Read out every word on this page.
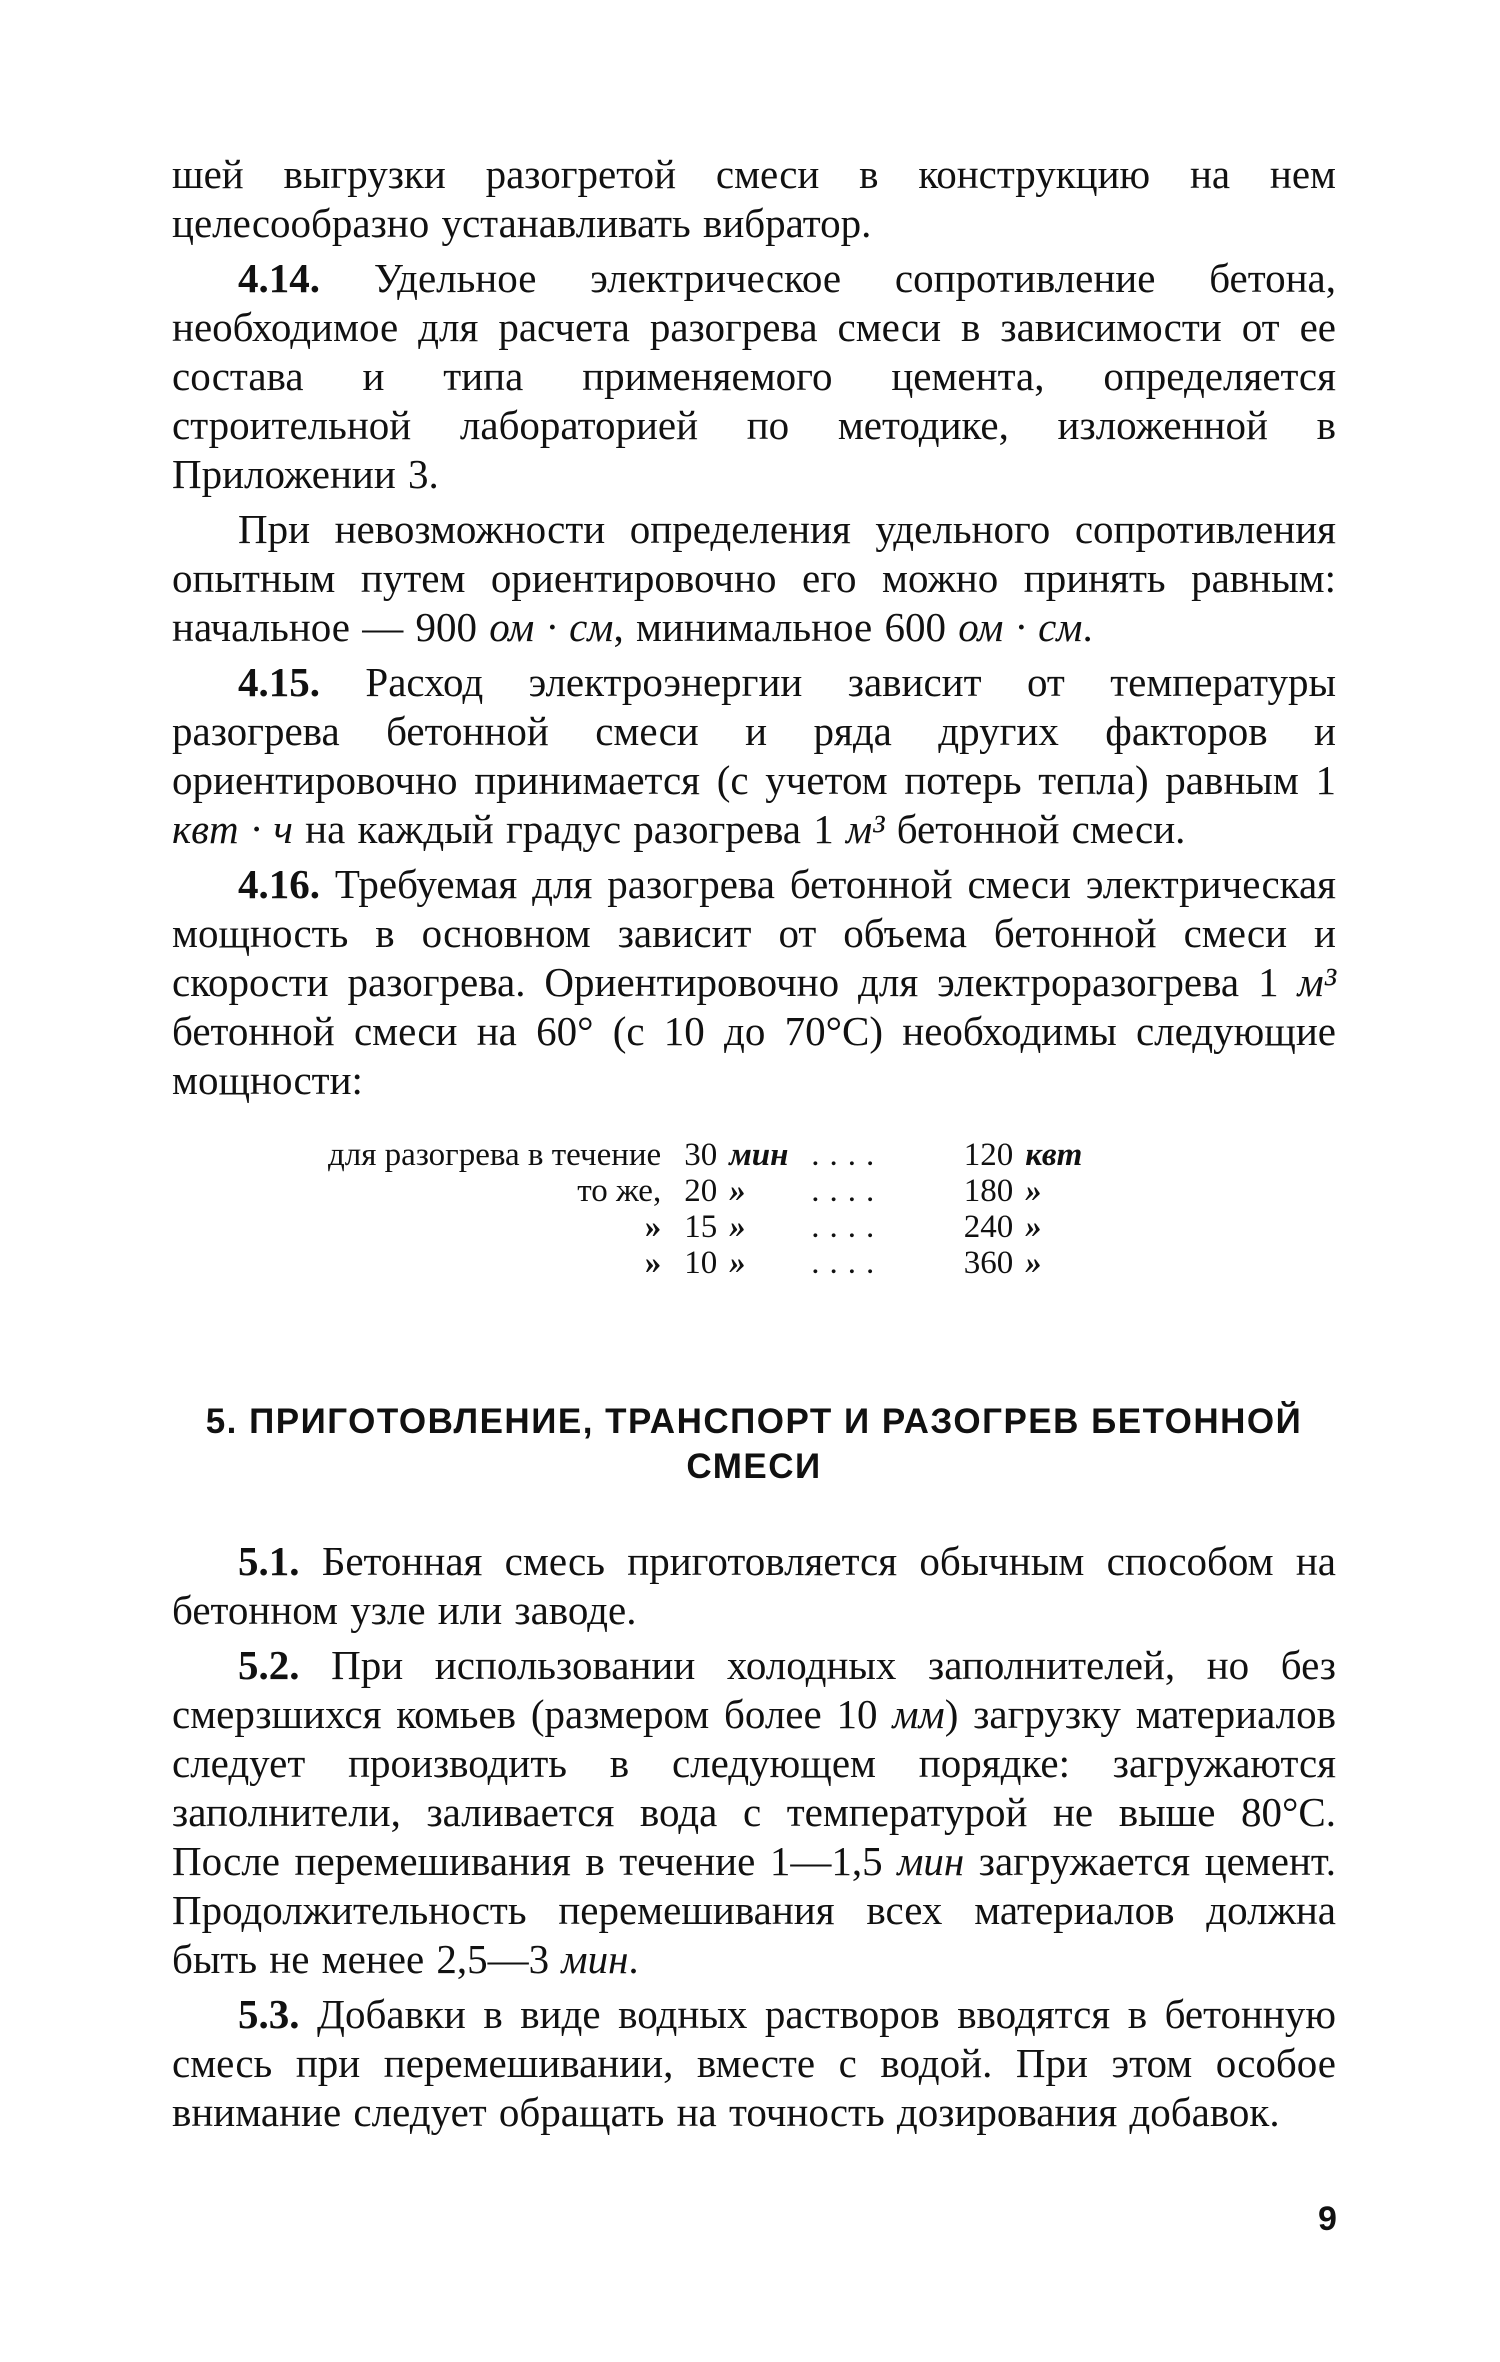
шей выгрузки разогретой смеси в конструкцию на нем целесообразно устанавливать вибратор.

4.14. Удельное электрическое сопротивление бетона, необходимое для расчета разогрева смеси в зависимости от ее состава и типа применяемого цемента, определяется строительной лабораторией по методике, изложенной в Приложении 3.

При невозможности определения удельного сопротивления опытным путем ориентировочно его можно принять равным: начальное — 900 ом · см, минимальное 600 ом · см.

4.15. Расход электроэнергии зависит от температуры разогрева бетонной смеси и ряда других факторов и ориентировочно принимается (с учетом потерь тепла) равным 1 квт · ч на каждый градус разогрева 1 м³ бетонной смеси.

4.16. Требуемая для разогрева бетонной смеси электрическая мощность в основном зависит от объема бетонной смеси и скорости разогрева. Ориентировочно для электроразогрева 1 м³ бетонной смеси на 60° (с 10 до 70°С) необходимы следующие мощности:

для разогрева в течение	30	мин	....	120	квт
то же,	20	»	....	180	»
»	15	»	....	240	»
»	10	»	....	360	»
5. ПРИГОТОВЛЕНИЕ, ТРАНСПОРТ И РАЗОГРЕВ БЕТОННОЙ
СМЕСИ

5.1. Бетонная смесь приготовляется обычным способом на бетонном узле или заводе.

5.2. При использовании холодных заполнителей, но без смерзшихся комьев (размером более 10 мм) загрузку материалов следует производить в следующем порядке: загружаются заполнители, заливается вода с температурой не выше 80°С. После перемешивания в течение 1—1,5 мин загружается цемент. Продолжительность перемешивания всех материалов должна быть не менее 2,5—3 мин.

5.3. Добавки в виде водных растворов вводятся в бетонную смесь при перемешивании, вместе с водой. При этом особое внимание следует обращать на точность дозирования добавок.

9
